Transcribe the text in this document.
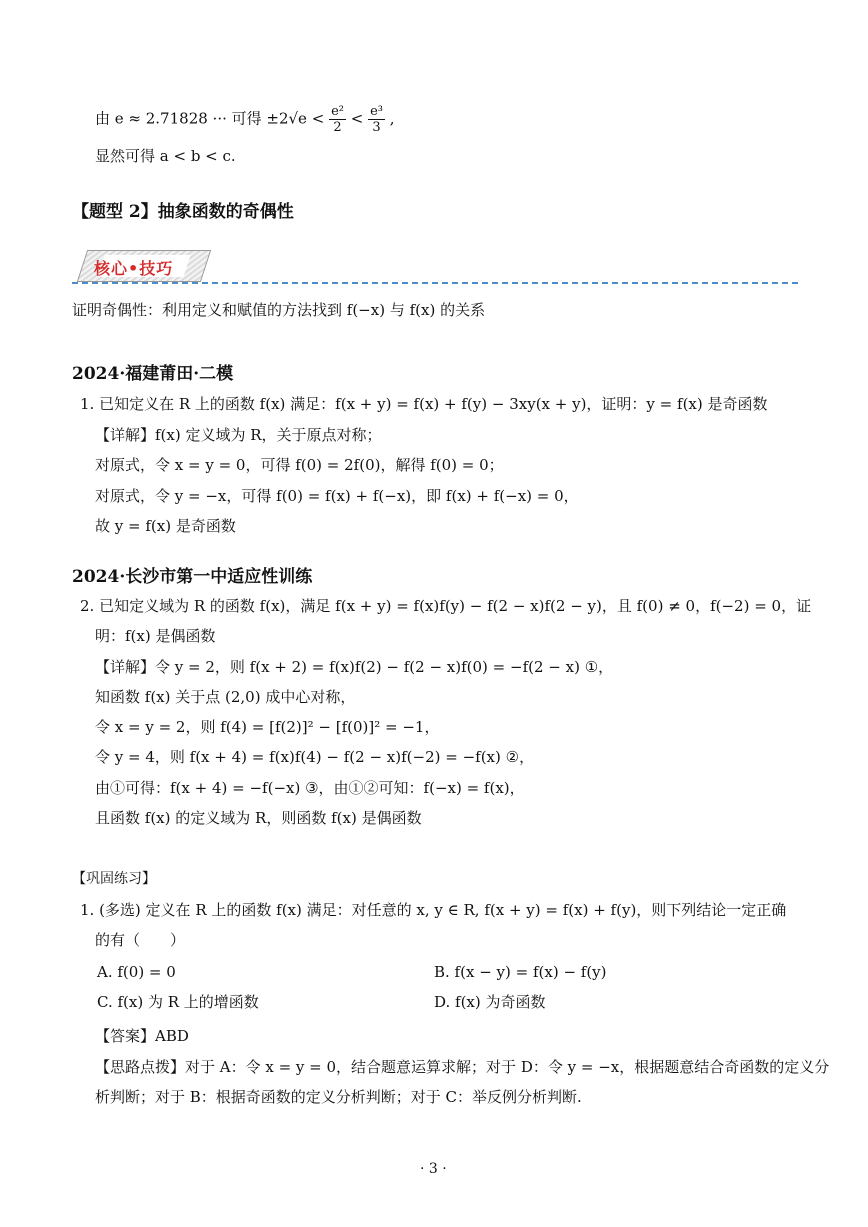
由 e ≈ 2.71828 ··· 可得 $\pm 2√e < \frac{\text{e²}}{2} < \frac{\text{e³}}{3}$ ,
显然可得 a < b < c.
【题型 2】抽象函数的奇偶性
核心•技巧
证明奇偶性：利用定义和赋值的方法找到 f(−x) 与 f(x) 的关系
2024·福建莆田·二模
1. 已知定义在 R 上的函数 f(x) 满足：f(x + y) = f(x) + f(y) − 3xy(x + y)，证明：y = f(x) 是奇函数
【详解】f(x) 定义域为 R，关于原点对称；
对原式，令 x = y = 0，可得 f(0) = 2f(0)，解得 f(0) = 0；
对原式，令 y = −x，可得 f(0) = f(x) + f(−x)，即 f(x) + f(−x) = 0，
故 y = f(x) 是奇函数
2024·长沙市第一中适应性训练
2. 已知定义域为 R 的函数 f(x)，满足 f(x + y) = f(x)f(y) − f(2 − x)f(2 − y)，且 f(0) ≠ 0，f(−2) = 0，证
明：f(x) 是偶函数
【详解】令 y = 2，则 f(x + 2) = f(x)f(2) − f(2 − x)f(0) = −f(2 − x) ①，
知函数 f(x) 关于点 (2,0) 成中心对称，
令 x = y = 2，则 f(4) = [f(2)]² − [f(0)]² = −1，
令 y = 4，则 f(x + 4) = f(x)f(4) − f(2 − x)f(−2) = −f(x) ②，
由①可得：f(x + 4) = −f(−x) ③，由①②可知：f(−x) = f(x)，
且函数 f(x) 的定义域为 R，则函数 f(x) 是偶函数
【巩固练习】
1. (多选) 定义在 R 上的函数 f(x) 满足：对任意的 x, y ∈ R, f(x + y) = f(x) + f(y)，则下列结论一定正确
的有（　　）
A. f(0) = 0	B. f(x − y) = f(x) − f(y)
C. f(x) 为 R 上的增函数	D. f(x) 为奇函数
【答案】ABD
【思路点拨】对于 A：令 x = y = 0，结合题意运算求解；对于 D：令 y = −x，根据题意结合奇函数的定义分
析判断；对于 B：根据奇函数的定义分析判断；对于 C：举反例分析判断.
· 3 ·
